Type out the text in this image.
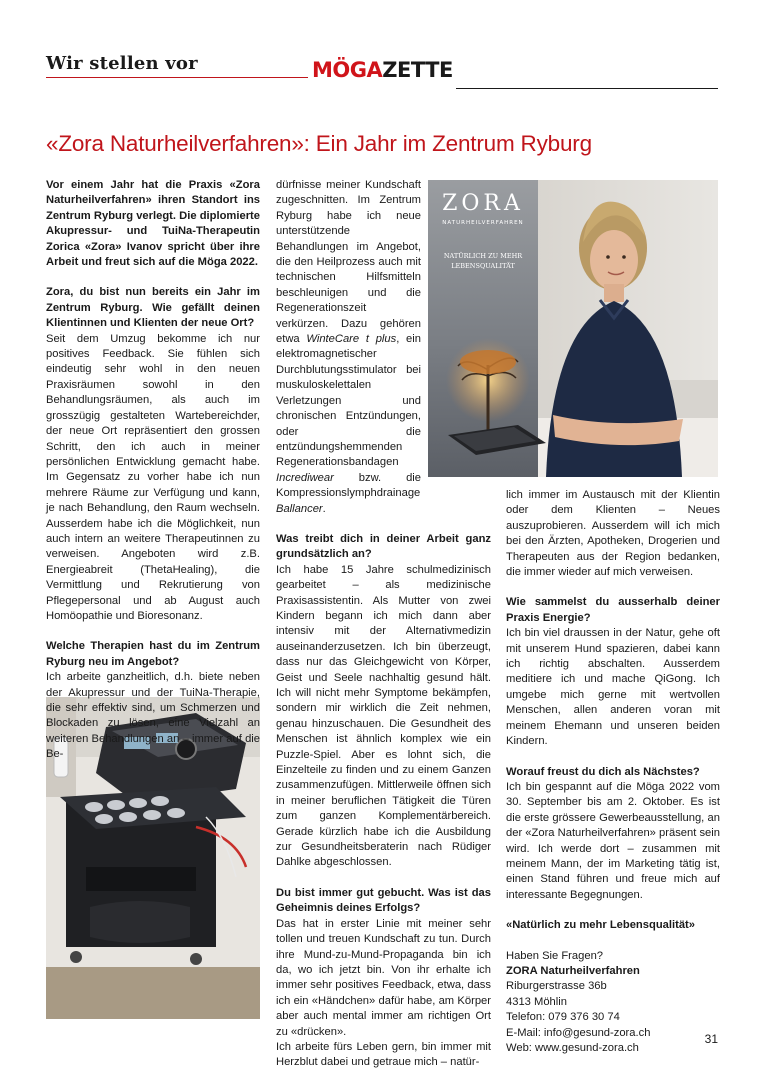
Wir stellen vor	MÖGAZETTE
«Zora Naturheilverfahren»: Ein Jahr im Zentrum Ryburg
ZORA
NATURHEILVERFAHREN
NATÜRLICH ZU MEHR
LEBENSQUALITÄT

Vor einem Jahr hat die Praxis «Zora Naturheilverfahren» ihren Standort ins Zentrum Ryburg verlegt. Die diplomierte Akupressur- und TuiNa-Therapeutin Zorica «Zora» Ivanov spricht über ihre Arbeit und freut sich auf die Möga 2022.

Zora, du bist nun bereits ein Jahr im Zentrum Ryburg. Wie gefällt deinen Klientinnen und Klienten der neue Ort?

Seit dem Umzug bekomme ich nur positives Feedback. Sie fühlen sich eindeutig sehr wohl in den neuen Praxisräumen sowohl in den Behandlungsräumen, als auch im grosszügig gestalteten Wartebereichder, der neue Ort repräsentiert den grossen Schritt, den ich auch in meiner persönlichen Entwicklung gemacht habe. Im Gegensatz zu vorher habe ich nun mehrere Räume zur Verfügung und kann, je nach Behandlung, den Raum wechseln. Ausserdem habe ich die Möglichkeit, nun auch intern an weitere Therapeutinnen zu verweisen. Angeboten wird z.B. Energieabreit (ThetaHealing), die Vermittlung und Rekrutierung von Pflegepersonal und ab August auch Homöopathie und Bioresonanz.

Welche Therapien hast du im Zentrum Ryburg neu im Angebot?

Ich arbeite ganzheitlich, d.h. biete neben der Akupressur und der TuiNa-Therapie, die sehr effektiv sind, um Schmerzen und Blockaden zu lösen, eine Vielzahl an weiteren Behandlungen an – immer auf die Be-

dürfnisse meiner Kundschaft zugeschnitten. Im Zentrum Ryburg habe ich neue unterstützende Behandlungen im Angebot, die den Heilprozess auch mit technischen Hilfsmitteln beschleunigen und die Regenerationszeit verkürzen. Dazu gehören etwa WinteCare t plus, ein elektromagnetischer Durchblutungsstimulator bei muskuloskelettalen Verletzungen und chronischen Entzündungen, oder die entzündungshemmenden Regenerationsbandagen Incrediwear bzw. die Kompressionslymphdrainage Ballancer.

Was treibt dich in deiner Arbeit ganz grundsätzlich an?

Ich habe 15 Jahre schulmedizinisch gearbeitet – als medizinische Praxisassistentin. Als Mutter von zwei Kindern begann ich mich dann aber intensiv mit der Alternativmedizin auseinanderzusetzen. Ich bin überzeugt, dass nur das Gleichgewicht von Körper, Geist und Seele nachhaltig gesund hält. Ich will nicht mehr Symptome bekämpfen, sondern mir wirklich die Zeit nehmen, genau hinzuschauen. Die Gesundheit des Menschen ist ähnlich komplex wie ein Puzzle-Spiel. Aber es lohnt sich, die Einzelteile zu finden und zu einem Ganzen zusammenzufügen. Mittlerweile öffnen sich in meiner beruflichen Tätigkeit die Türen zum ganzen Komplementärbereich. Gerade kürzlich habe ich die Ausbildung zur Gesundheitsberaterin nach Rüdiger Dahlke abgeschlossen.

Du bist immer gut gebucht. Was ist das Geheimnis deines Erfolgs?

Das hat in erster Linie mit meiner sehr tollen und treuen Kundschaft zu tun. Durch ihre Mund-zu-Mund-Propaganda bin ich da, wo ich jetzt bin. Von ihr erhalte ich immer sehr positives Feedback, etwa, dass ich ein «Händchen» dafür habe, am Körper aber auch mental immer am richtigen Ort zu «drücken».

Ich arbeite fürs Leben gern, bin immer mit Herzblut dabei und getraue mich – natür-

lich immer im Austausch mit der Klientin oder dem Klienten – Neues auszuprobieren. Ausserdem will ich mich bei den Ärzten, Apotheken, Drogerien und Therapeuten aus der Region bedanken, die immer wieder auf mich verweisen.

Wie sammelst du ausserhalb deiner Praxis Energie?

Ich bin viel draussen in der Natur, gehe oft mit unserem Hund spazieren, dabei kann ich richtig abschalten. Ausserdem meditiere ich und mache QiGong. Ich umgebe mich gerne mit wertvollen Menschen, allen anderen voran mit meinem Ehemann und unseren beiden Kindern.

Worauf freust du dich als Nächstes?

Ich bin gespannt auf die Möga 2022 vom 30. September bis am 2. Oktober. Es ist die erste grössere Gewerbeausstellung, an der «Zora Naturheilverfahren» präsent sein wird. Ich werde dort – zusammen mit meinem Mann, der im Marketing tätig ist, einen Stand führen und freue mich auf interessante Begegnungen.

«Natürlich zu mehr Lebensqualität»

Haben Sie Fragen?

ZORA Naturheilverfahren

Riburgerstrasse 36b

4313 Möhlin

Telefon: 079 376 30 74

E-Mail: info@gesund-zora.ch

Web: www.gesund-zora.ch

31
